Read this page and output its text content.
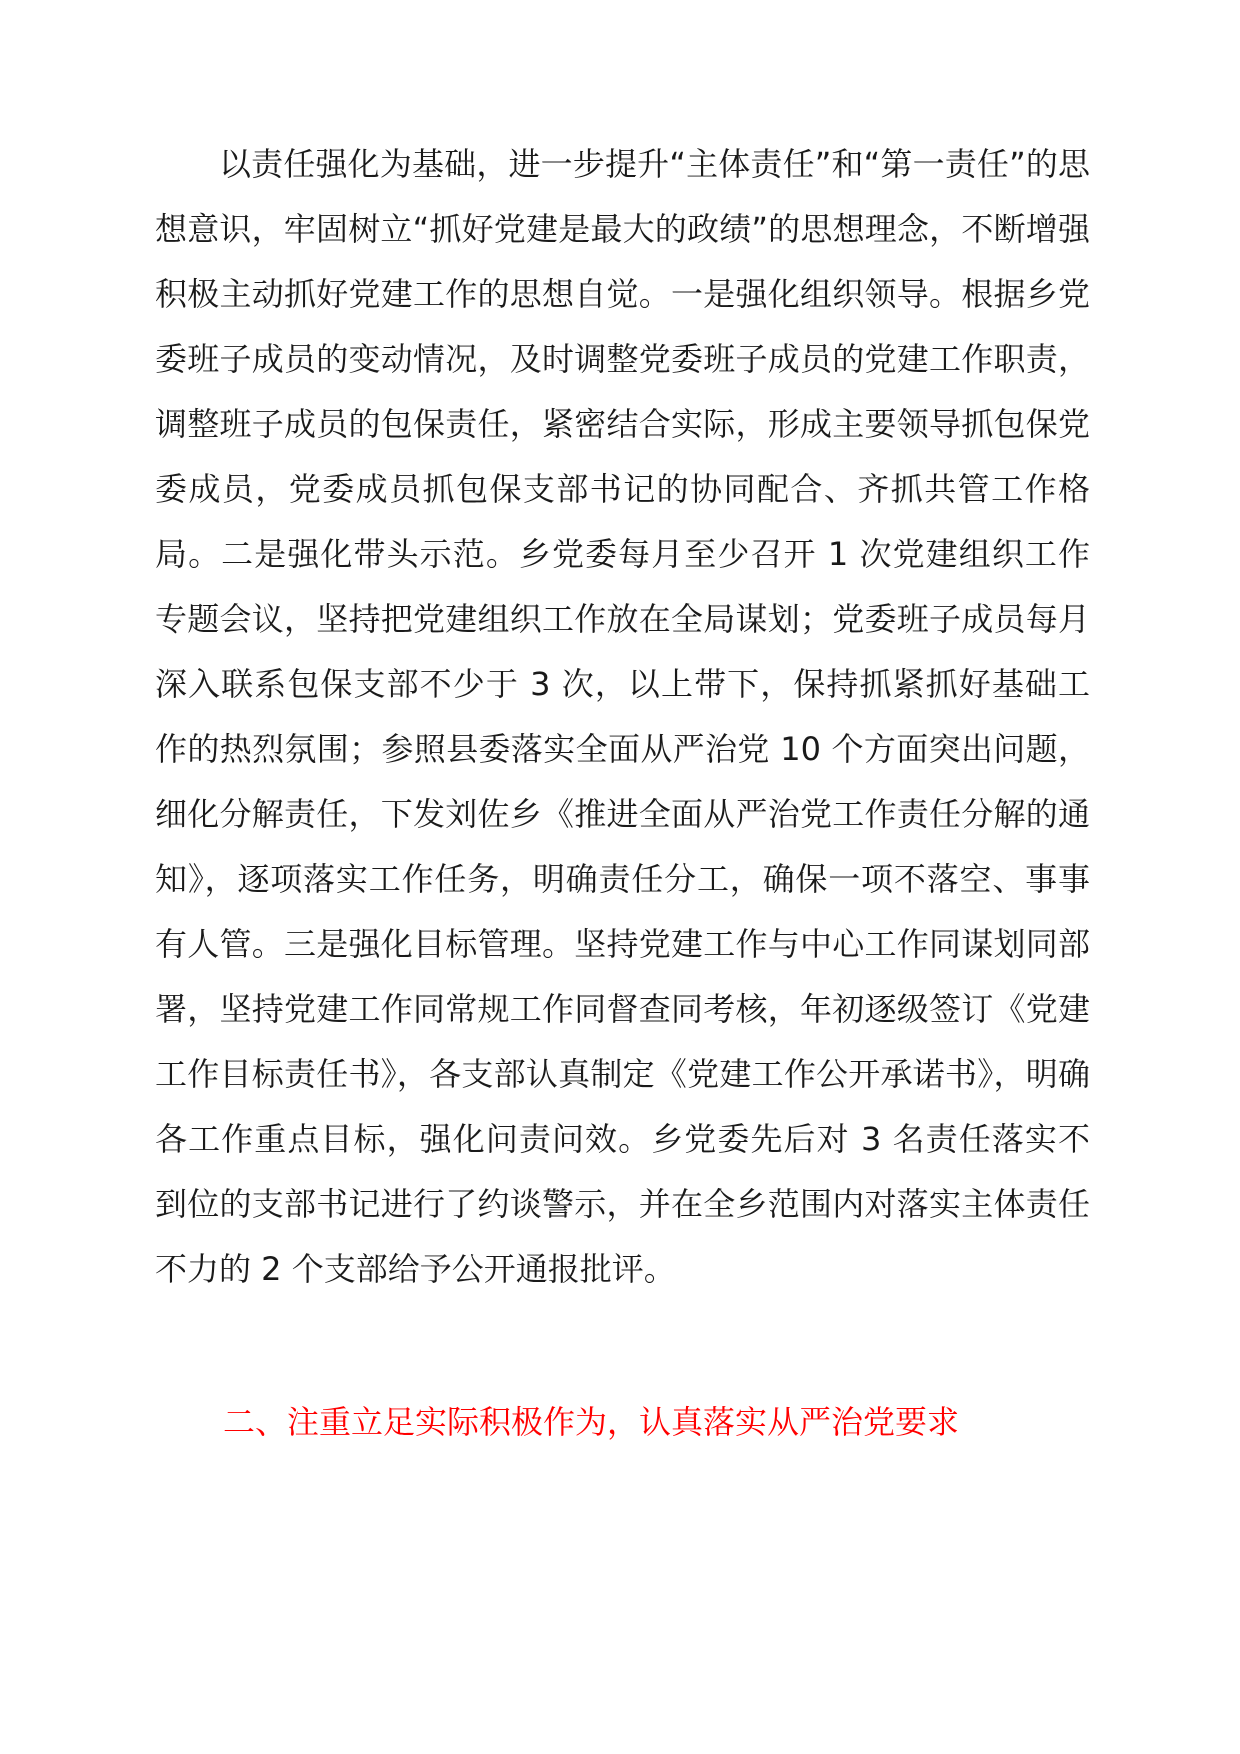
以责任强化为基础，进一步提升“主体责任”和“第一责任”的思想意识，牢固树立“抓好党建是最大的政绩”的思想理念，不断增强积极主动抓好党建工作的思想自觉。一是强化组织领导。根据乡党委班子成员的变动情况，及时调整党委班子成员的党建工作职责，调整班子成员的包保责任，紧密结合实际，形成主要领导抓包保党委成员，党委成员抓包保支部书记的协同配合、齐抓共管工作格局。二是强化带头示范。乡党委每月至少召开 1 次党建组织工作专题会议，坚持把党建组织工作放在全局谋划；党委班子成员每月深入联系包保支部不少于 3 次，以上带下，保持抓紧抓好基础工作的热烈氛围；参照县委落实全面从严治党 10 个方面突出问题，细化分解责任，下发刘佐乡《推进全面从严治党工作责任分解的通知》，逐项落实工作任务，明确责任分工，确保一项不落空、事事有人管。三是强化目标管理。坚持党建工作与中心工作同谋划同部署，坚持党建工作同常规工作同督查同考核，年初逐级签订《党建工作目标责任书》，各支部认真制定《党建工作公开承诺书》，明确各工作重点目标，强化问责问效。乡党委先后对 3 名责任落实不到位的支部书记进行了约谈警示，并在全乡范围内对落实主体责任不力的 2 个支部给予公开通报批评。

二、注重立足实际积极作为，认真落实从严治党要求
